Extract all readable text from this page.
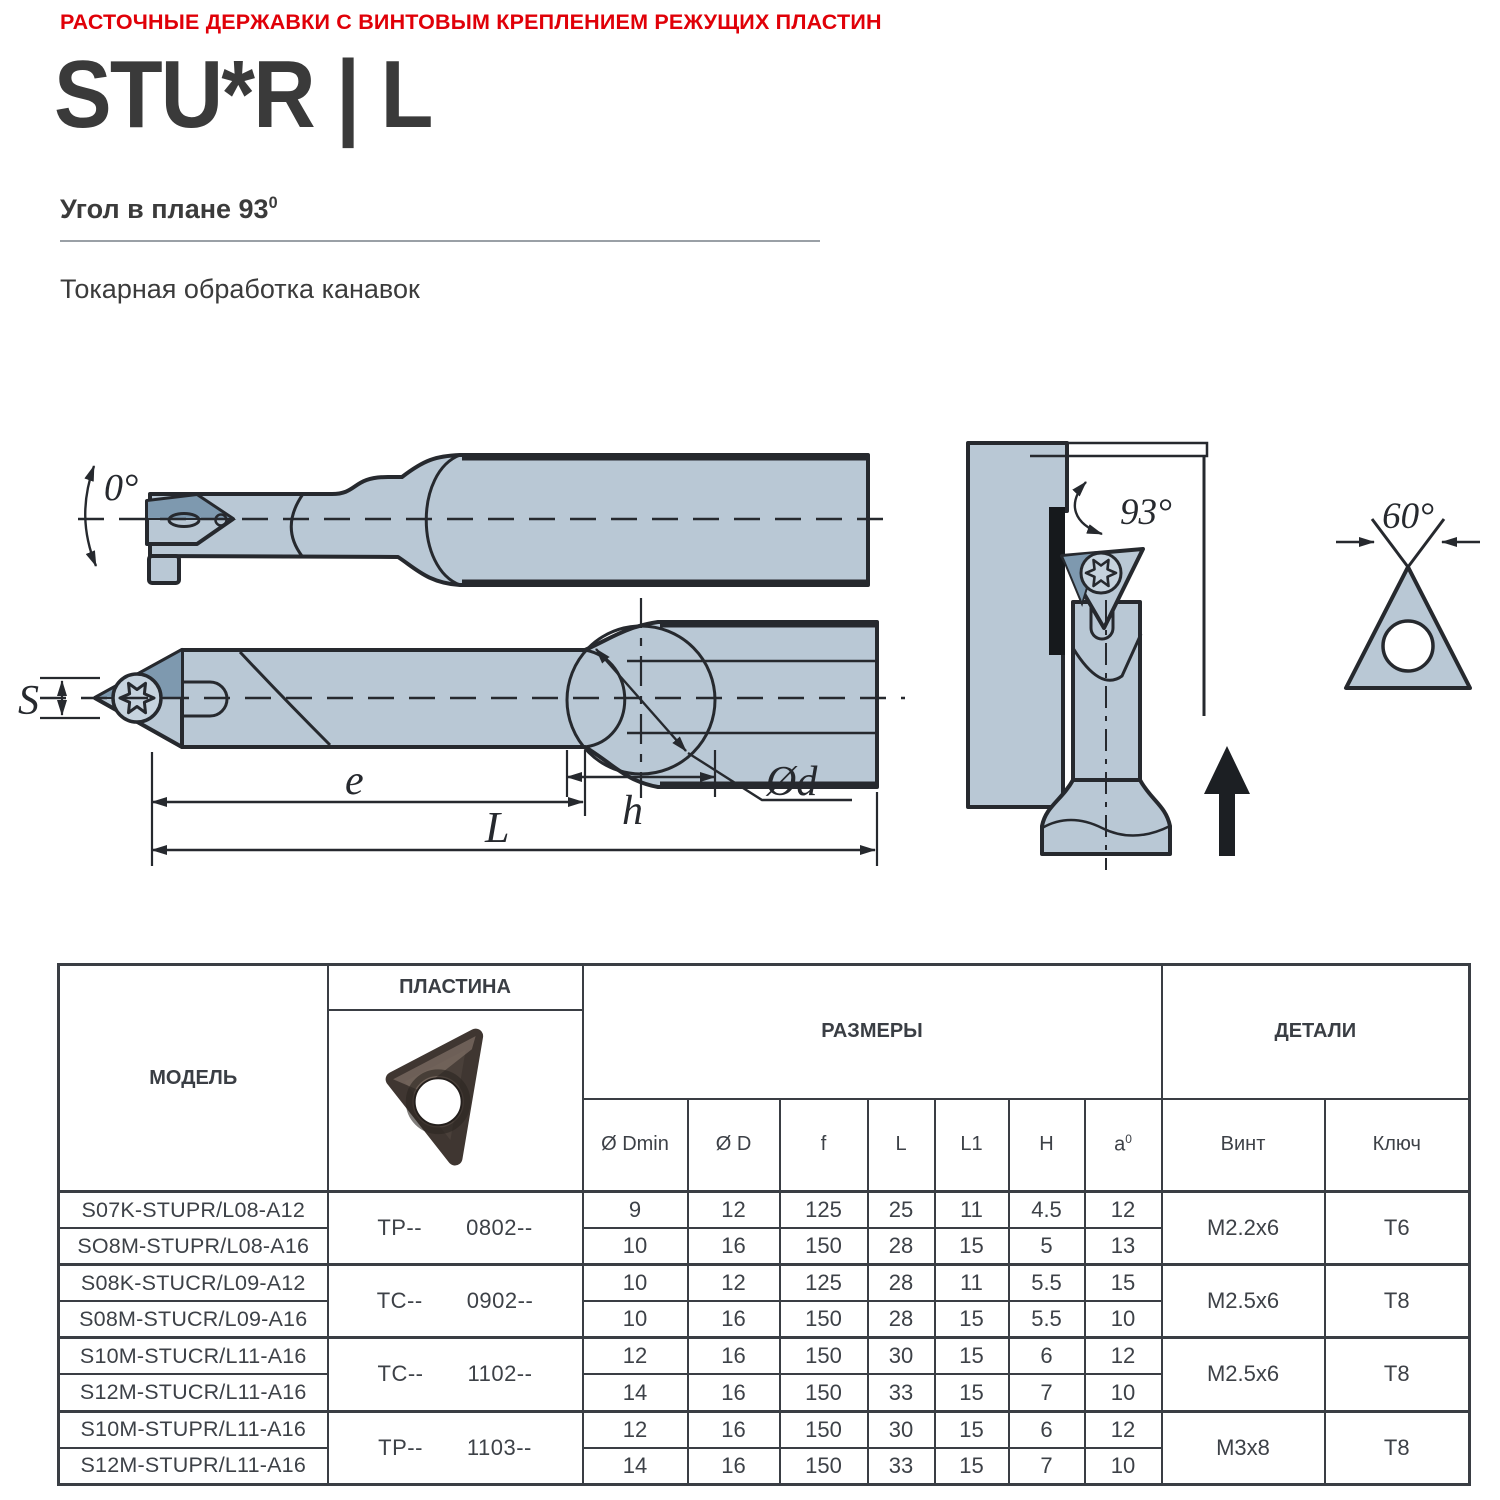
РАСТОЧНЫЕ ДЕРЖАВКИ С ВИНТОВЫМ КРЕПЛЕНИЕМ РЕЖУЩИХ ПЛАСТИН
STU*R | L
Угол в плане $93^0$
Токарная обработка канавок
0°
Ød
S
e
h
L
93°	60°
МОДЕЛЬ	ПЛАСТИНА	РАЗМЕРЫ							ДЕТАЛИ	

		Ø Dmin	Ø D	f	L	L1	H	$a^0$	Винт	Ключ
S07K-STUPR/L08-A12	TP-- 0802--	9	12	125	25	11	4.5	12	M2.2x6	T6
SO8M-STUPR/L08-A16		10	16	150	28	15	5	13		
S08K-STUCR/L09-A12	TC-- 0902--	10	12	125	28	11	5.5	15	M2.5x6	T8
S08M-STUCR/L09-A16		10	16	150	28	15	5.5	10		
S10M-STUCR/L11-A16	TC-- 1102--	12	16	150	30	15	6	12	M2.5x6	T8
S12M-STUCR/L11-A16		14	16	150	33	15	7	10		
S10M-STUPR/L11-A16	TP-- 1103--	12	16	150	30	15	6	12	M3x8	T8
S12M-STUPR/L11-A16		14	16	150	33	15	7	10		
